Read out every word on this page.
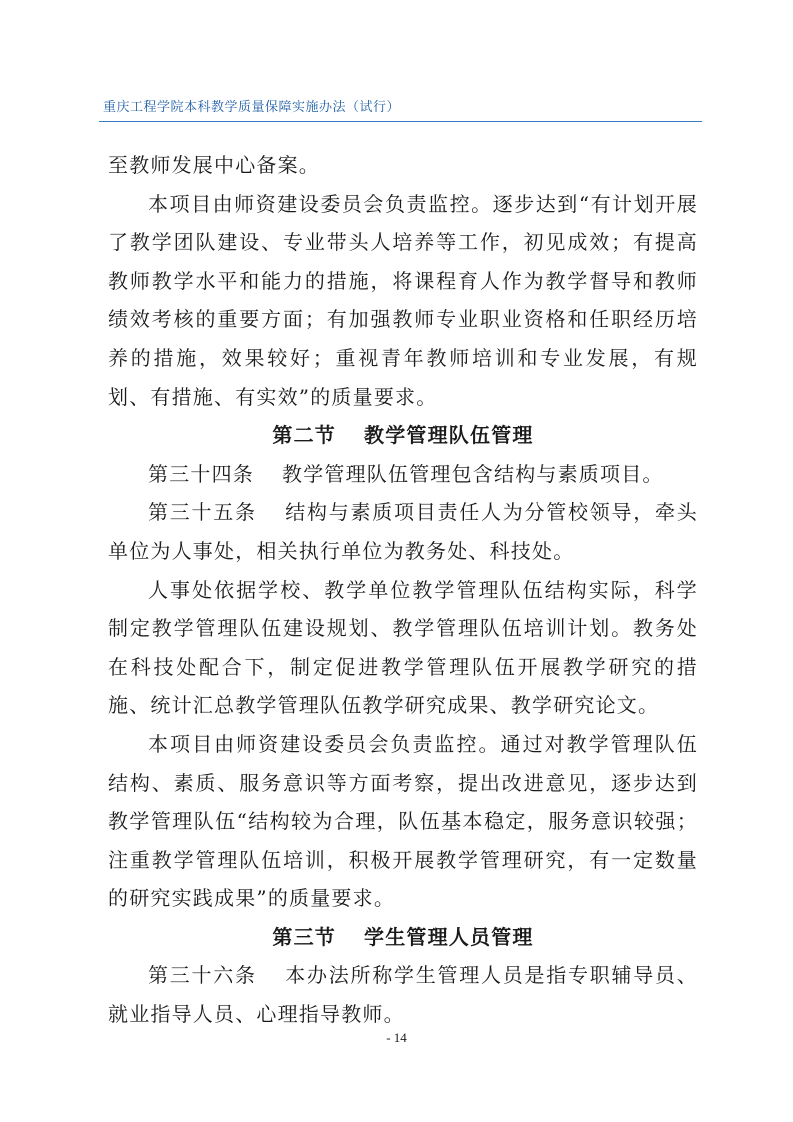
重庆工程学院本科教学质量保障实施办法（试行）

至教师发展中心备案。

本项目由师资建设委员会负责监控。逐步达到“有计划开展了教学团队建设、专业带头人培养等工作，初见成效；有提高教师教学水平和能力的措施，将课程育人作为教学督导和教师绩效考核的重要方面；有加强教师专业职业资格和任职经历培养的措施，效果较好；重视青年教师培训和专业发展，有规划、有措施、有实效”的质量要求。

第二节 教学管理队伍管理

第三十四条 教学管理队伍管理包含结构与素质项目。

第三十五条 结构与素质项目责任人为分管校领导，牵头单位为人事处，相关执行单位为教务处、科技处。

人事处依据学校、教学单位教学管理队伍结构实际，科学制定教学管理队伍建设规划、教学管理队伍培训计划。教务处在科技处配合下，制定促进教学管理队伍开展教学研究的措施、统计汇总教学管理队伍教学研究成果、教学研究论文。

本项目由师资建设委员会负责监控。通过对教学管理队伍结构、素质、服务意识等方面考察，提出改进意见，逐步达到教学管理队伍“结构较为合理，队伍基本稳定，服务意识较强；注重教学管理队伍培训，积极开展教学管理研究，有一定数量的研究实践成果”的质量要求。

第三节 学生管理人员管理

第三十六条 本办法所称学生管理人员是指专职辅导员、就业指导人员、心理指导教师。

- 14
